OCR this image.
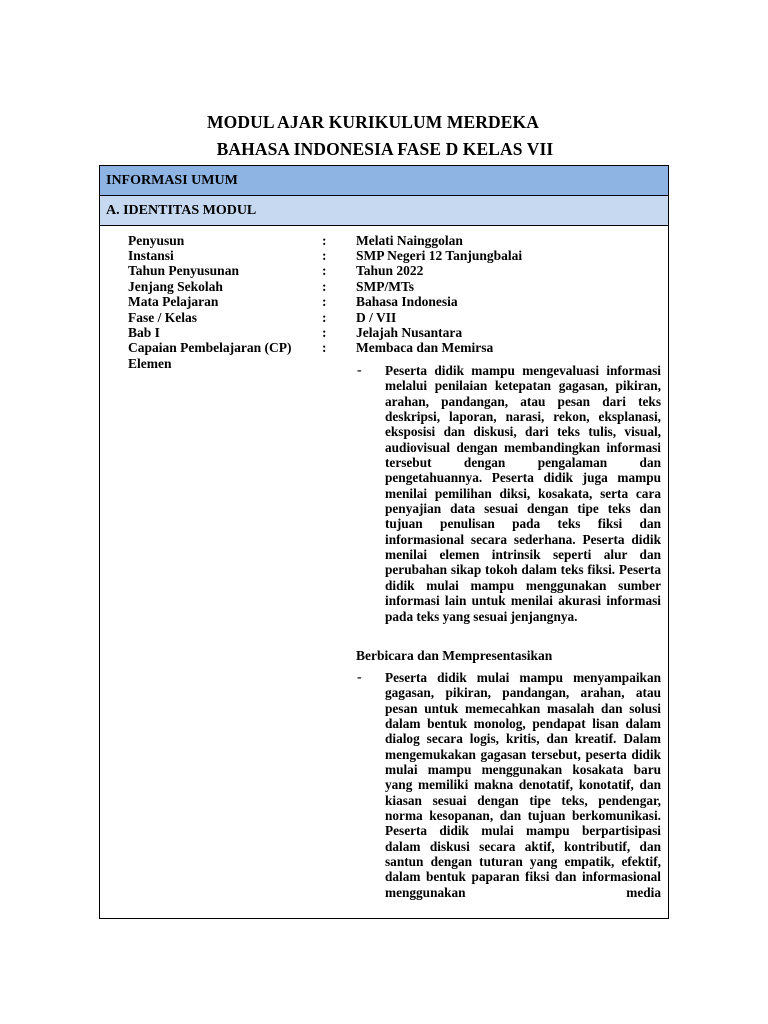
MODUL AJAR KURIKULUM MERDEKA
BAHASA INDONESIA FASE D KELAS VII
INFORMASI UMUM
A. IDENTITAS MODUL
Penyusun	: Melati Nainggolan
Instansi	: SMP Negeri 12 Tanjungbalai
Tahun Penyusunan	: Tahun 2022
Jenjang Sekolah	: SMP/MTs
Mata Pelajaran	: Bahasa Indonesia
Fase / Kelas	: D / VII
Bab I	: Jelajah Nusantara
Capaian Pembelajaran (CP) : Membaca dan Memirsa
Elemen	- Peserta didik mampu mengevaluasi informasi melalui penilaian ketepatan gagasan, pikiran, arahan, pandangan, atau pesan dari teks deskripsi, laporan, narasi, rekon, eksplanasi, eksposisi dan diskusi, dari teks tulis, visual, audiovisual dengan membandingkan informasi tersebut dengan pengalaman dan pengetahuannya. Peserta didik juga mampu menilai pemilihan diksi, kosakata, serta cara penyajian data sesuai dengan tipe teks dan tujuan penulisan pada teks fiksi dan informasional secara sederhana. Peserta didik menilai elemen intrinsik seperti alur dan perubahan sikap tokoh dalam teks fiksi. Peserta didik mulai mampu menggunakan sumber informasi lain untuk menilai akurasi informasi pada teks yang sesuai jenjangnya.
Berbicara dan Mempresentasikan
- Peserta didik mulai mampu menyampaikan gagasan, pikiran, pandangan, arahan, atau pesan untuk memecahkan masalah dan solusi dalam bentuk monolog, pendapat lisan dalam dialog secara logis, kritis, dan kreatif. Dalam mengemukakan gagasan tersebut, peserta didik mulai mampu menggunakan kosakata baru yang memiliki makna denotatif, konotatif, dan kiasan sesuai dengan tipe teks, pendengar, norma kesopanan, dan tujuan berkomunikasi. Peserta didik mulai mampu berpartisipasi dalam diskusi secara aktif, kontributif, dan santun dengan tuturan yang empatik, efektif, dalam bentuk paparan fiksi dan informasional menggunakan media
